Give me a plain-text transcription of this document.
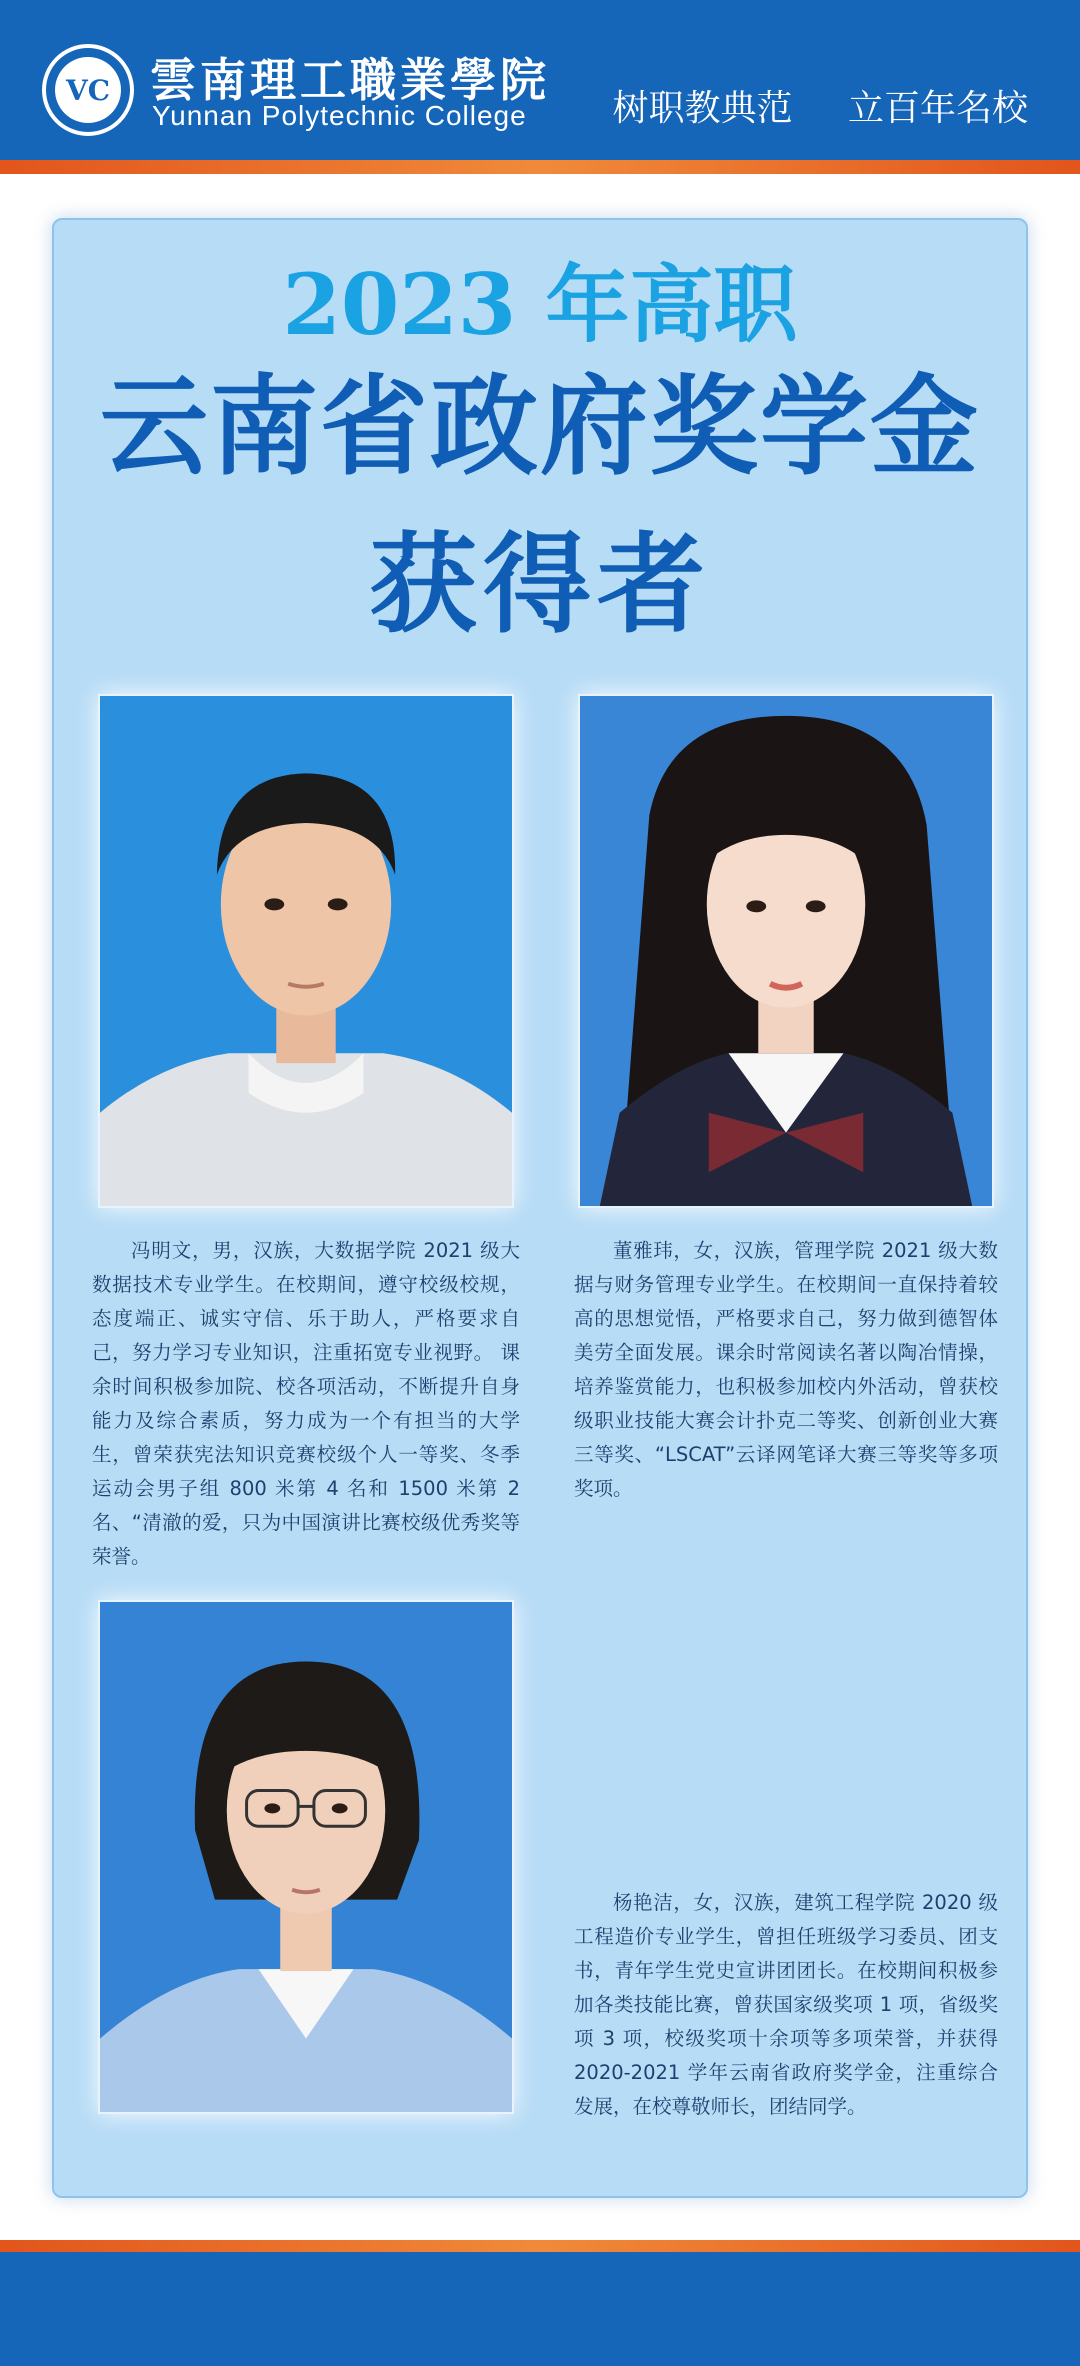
VC 雲南理工職業學院
Yunnan Polytechnic College 树职教典范 立百年名校
2023 年高职
云南省政府奖学金
获得者
冯明文，男，汉族，大数据学院 2021 级大数据技术专业学生。在校期间，遵守校级校规，态度端正、诚实守信、乐于助人，严格要求自己，努力学习专业知识，注重拓宽专业视野。 课余时间积极参加院、校各项活动，不断提升自身能力及综合素质，努力成为一个有担当的大学生，曾荣获宪法知识竞赛校级个人一等奖、冬季运动会男子组 800 米第 4 名和 1500 米第 2 名、“清澈的爱，只为中国演讲比赛校级优秀奖等荣誉。
董雅玮，女，汉族，管理学院 2021 级大数据与财务管理专业学生。在校期间一直保持着较高的思想觉悟，严格要求自己，努力做到德智体美劳全面发展。课余时常阅读名著以陶冶情操，培养鉴赏能力，也积极参加校内外活动，曾获校级职业技能大赛会计扑克二等奖、创新创业大赛三等奖、“LSCAT”云译网笔译大赛三等奖等多项奖项。
杨艳洁，女，汉族，建筑工程学院 2020 级工程造价专业学生，曾担任班级学习委员、团支书，青年学生党史宣讲团团长。在校期间积极参加各类技能比赛，曾获国家级奖项 1 项，省级奖项 3 项，校级奖项十余项等多项荣誉，并获得 2020-2021 学年云南省政府奖学金，注重综合发展，在校尊敬师长，团结同学。
